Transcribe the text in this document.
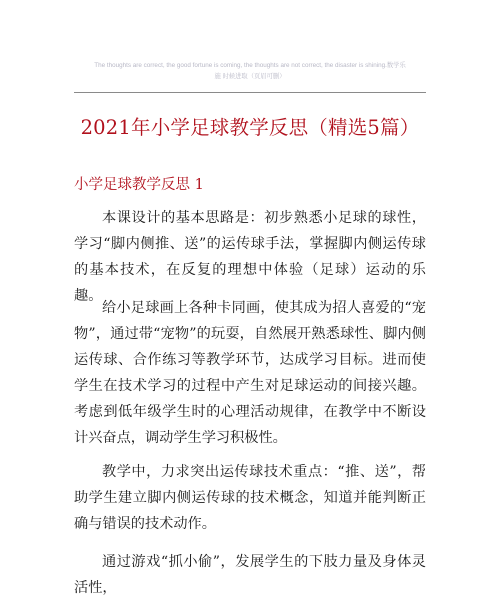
The thoughts are correct, the good fortune is coming, the thoughts are not correct, the disaster is shining.数学乐
施 时候进取（页眉可删）
2021年小学足球教学反思（精选5篇）
小学足球教学反思 1

本课设计的基本思路是：初步熟悉小足球的球性，学习“脚内侧推、送”的运传球手法，掌握脚内侧运传球的基本技术，在反复的理想中体验（足球）运动的乐趣。

给小足球画上各种卡同画，使其成为招人喜爱的“宠物”，通过带“宠物”的玩耍，自然展开熟悉球性、脚内侧运传球、合作练习等教学环节，达成学习目标。进而使学生在技术学习的过程中产生对足球运动的间接兴趣。考虑到低年级学生时的心理活动规律，在教学中不断设计兴奋点，调动学生学习积极性。

教学中，力求突出运传球技术重点：“推、送”，帮助学生建立脚内侧运传球的技术概念，知道并能判断正确与错误的技术动作。

通过游戏“抓小偷”，发展学生的下肢力量及身体灵活性，
